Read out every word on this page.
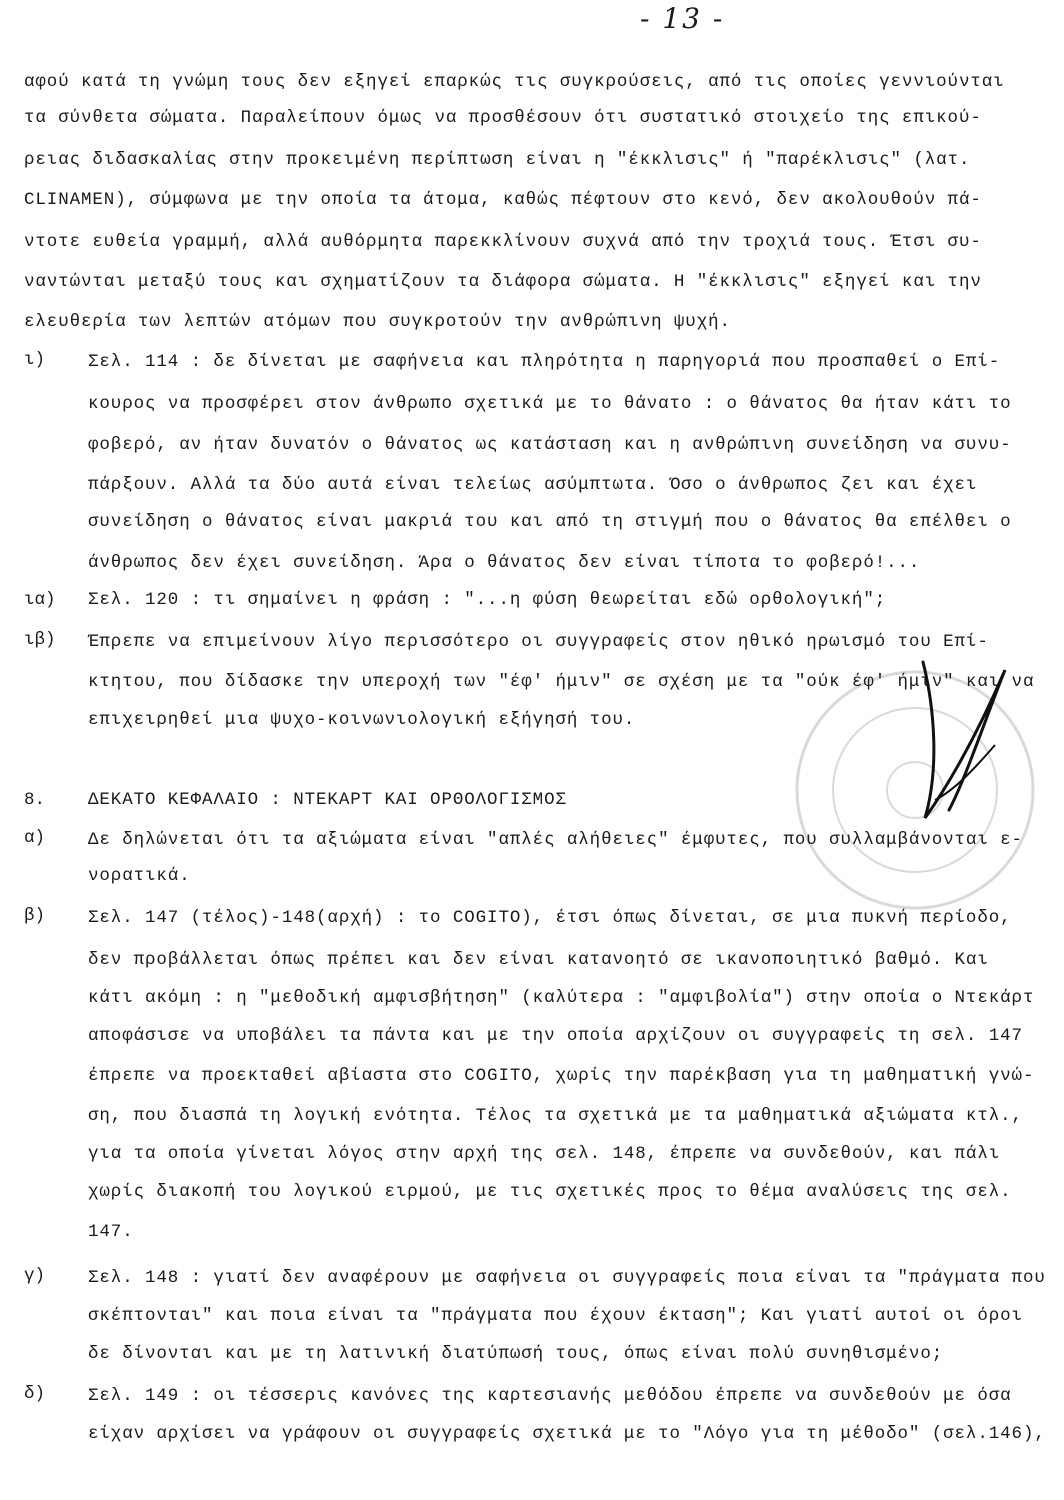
- 13 -
αφού κατά τη γνώμη τους δεν εξηγεί επαρκώς τις συγκρούσεις, από τις οποίες γεννιούνται
τα σύνθετα σώματα. Παραλείπουν όμως να προσθέσουν ότι συστατικό στοιχείο της επικού-
ρειας διδασκαλίας στην προκειμένη περίπτωση είναι η "έκκλισις" ή "παρέκλισις" (λατ.
CLINAMEN), σύμφωνα με την οποία τα άτομα, καθώς πέφτουν στο κενό, δεν ακολουθούν πά-
ντοτε ευθεία γραμμή, αλλά αυθόρμητα παρεκκλίνουν συχνά από την τροχιά τους. Έτσι συ-
ναντώνται μεταξύ τους και σχηματίζουν τα διάφορα σώματα. Η "έκκλισις" εξηγεί και την
ελευθερία των λεπτών ατόμων που συγκροτούν την ανθρώπινη ψυχή.
ι) Σελ. 114 : δε δίνεται με σαφήνεια και πληρότητα η παρηγοριά που προσπαθεί ο Επί-
κουρος να προσφέρει στον άνθρωπο σχετικά με το θάνατο : ο θάνατος θα ήταν κάτι το
φοβερό, αν ήταν δυνατόν ο θάνατος ως κατάσταση και η ανθρώπινη συνείδηση να συνυ-
πάρξουν. Αλλά τα δύο αυτά είναι τελείως ασύμπτωτα. Όσο ο άνθρωπος ζει και έχει
συνείδηση ο θάνατος είναι μακριά του και από τη στιγμή που ο θάνατος θα επέλθει ο
άνθρωπος δεν έχει συνείδηση. Άρα ο θάνατος δεν είναι τίποτα το φοβερό!...
ια) Σελ. 120 : τι σημαίνει η φράση : "...η φύση θεωρείται εδώ ορθολογική";
ιβ) Έπρεπε να επιμείνουν λίγο περισσότερο οι συγγραφείς στον ηθικό ηρωισμό του Επί-
κτητου, που δίδασκε την υπεροχή των "έφ' ήμιν" σε σχέση με τα "ούκ έφ' ήμιν" και να
επιχειρηθεί μια ψυχο-κοινωνιολογική εξήγησή του.
8. ΔΕΚΑΤΟ ΚΕΦΑΛΑΙΟ : ΝΤΕΚΑΡΤ ΚΑΙ ΟΡΘΟΛΟΓΙΣΜΟΣ
α) Δε δηλώνεται ότι τα αξιώματα είναι "απλές αλήθειες" έμφυτες, που συλλαμβάνονται ε-
νορατικά.
β) Σελ. 147 (τέλος)-148(αρχή) : το COGITO), έτσι όπως δίνεται, σε μια πυκνή περίοδο,
δεν προβάλλεται όπως πρέπει και δεν είναι κατανοητό σε ικανοποιητικό βαθμό. Και
κάτι ακόμη : η "μεθοδική αμφισβήτηση" (καλύτερα : "αμφιβολία") στην οποία ο Ντεκάρτ
αποφάσισε να υποβάλει τα πάντα και με την οποία αρχίζουν οι συγγραφείς τη σελ. 147
έπρεπε να προεκταθεί αβίαστα στο COGITO, χωρίς την παρέκβαση για τη μαθηματική γνώ-
ση, που διασπά τη λογική ενότητα. Τέλος τα σχετικά με τα μαθηματικά αξιώματα κτλ.,
για τα οποία γίνεται λόγος στην αρχή της σελ. 148, έπρεπε να συνδεθούν, και πάλι
χωρίς διακοπή του λογικού ειρμού, με τις σχετικές προς το θέμα αναλύσεις της σελ.
147.
γ) Σελ. 148 : γιατί δεν αναφέρουν με σαφήνεια οι συγγραφείς ποια είναι τα "πράγματα που
σκέπτονται" και ποια είναι τα "πράγματα που έχουν έκταση"; Και γιατί αυτοί οι όροι
δε δίνονται και με τη λατινική διατύπωσή τους, όπως είναι πολύ συνηθισμένο;
δ) Σελ. 149 : οι τέσσερις κανόνες της καρτεσιανής μεθόδου έπρεπε να συνδεθούν με όσα
είχαν αρχίσει να γράφουν οι συγγραφείς σχετικά με το "Λόγο για τη μέθοδο" (σελ.146),
